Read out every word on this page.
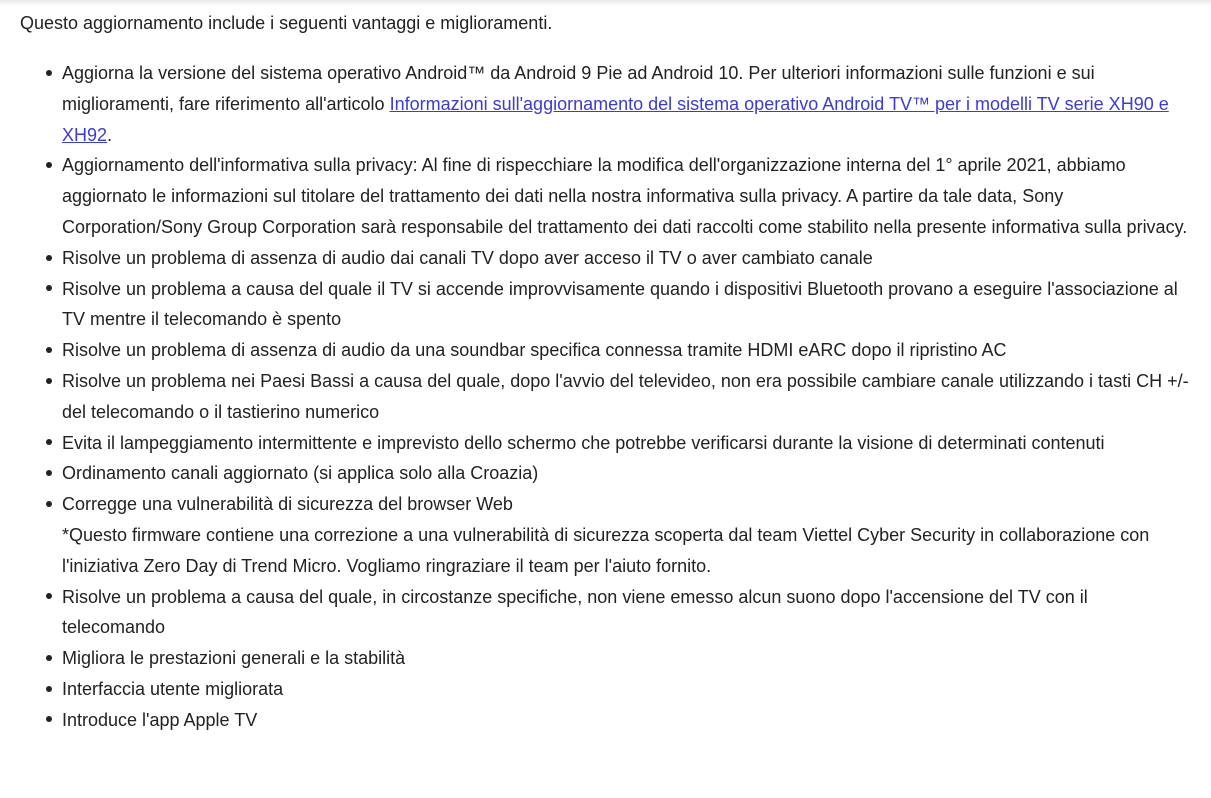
Questo aggiornamento include i seguenti vantaggi e miglioramenti.

Aggiorna la versione del sistema operativo Android™ da Android 9 Pie ad Android 10. Per ulteriori informazioni sulle funzioni e sui miglioramenti, fare riferimento all'articolo Informazioni sull'aggiornamento del sistema operativo Android TV™ per i modelli TV serie XH90 e XH92.
Aggiornamento dell'informativa sulla privacy: Al fine di rispecchiare la modifica dell'organizzazione interna del 1° aprile 2021, abbiamo aggiornato le informazioni sul titolare del trattamento dei dati nella nostra informativa sulla privacy. A partire da tale data, Sony Corporation/Sony Group Corporation sarà responsabile del trattamento dei dati raccolti come stabilito nella presente informativa sulla privacy.
Risolve un problema di assenza di audio dai canali TV dopo aver acceso il TV o aver cambiato canale
Risolve un problema a causa del quale il TV si accende improvvisamente quando i dispositivi Bluetooth provano a eseguire l'associazione al TV mentre il telecomando è spento
Risolve un problema di assenza di audio da una soundbar specifica connessa tramite HDMI eARC dopo il ripristino AC
Risolve un problema nei Paesi Bassi a causa del quale, dopo l'avvio del televideo, non era possibile cambiare canale utilizzando i tasti CH +/- del telecomando o il tastierino numerico
Evita il lampeggiamento intermittente e imprevisto dello schermo che potrebbe verificarsi durante la visione di determinati contenuti
Ordinamento canali aggiornato (si applica solo alla Croazia)
Corregge una vulnerabilità di sicurezza del browser Web
*Questo firmware contiene una correzione a una vulnerabilità di sicurezza scoperta dal team Viettel Cyber Security in collaborazione con l'iniziativa Zero Day di Trend Micro. Vogliamo ringraziare il team per l'aiuto fornito.
Risolve un problema a causa del quale, in circostanze specifiche, non viene emesso alcun suono dopo l'accensione del TV con il telecomando
Migliora le prestazioni generali e la stabilità
Interfaccia utente migliorata
Introduce l'app Apple TV
